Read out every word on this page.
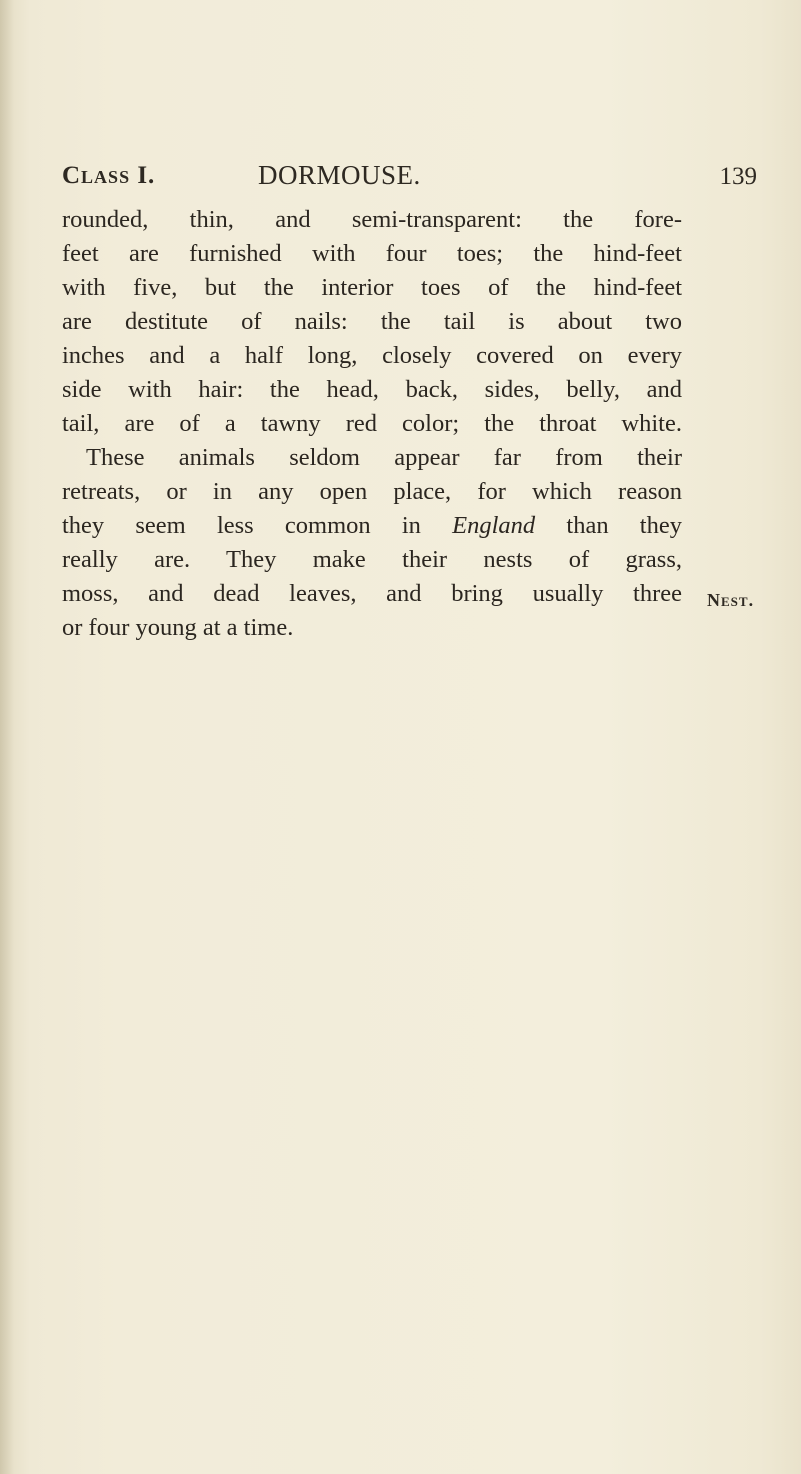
Class I.	DORMOUSE.	139
rounded, thin, and semi-transparent: the fore-
feet are furnished with four toes; the hind-feet
with five, but the interior toes of the hind-feet
are destitute of nails: the tail is about two
inches and a half long, closely covered on every
side with hair: the head, back, sides, belly, and
tail, are of a tawny red color; the throat white.
These animals seldom appear far from their
retreats, or in any open place, for which reason
they seem less common in England than they
really are. They make their nests of grass,
moss, and dead leaves, and bring usually three
or four young at a time.
Nest.
